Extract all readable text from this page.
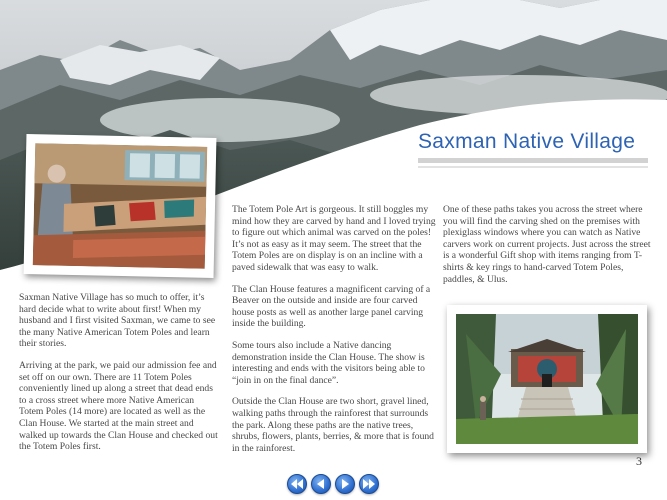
Saxman Native Village

Saxman Native Village has so much to offer, it’s hard decide what to write about first! When my husband and I first visited Saxman, we came to see the many Native American Totem Poles and learn their stories.

Arriving at the park, we paid our admission fee and set off on our own. There are 11 Totem Poles conveniently lined up along a street that dead ends to a cross street where more Native American Totem Poles (14 more) are located as well as the Clan House. We started at the main street and walked up towards the Clan House and checked out the Totem Poles first.

The Totem Pole Art is gorgeous. It still boggles my mind how they are carved by hand and I loved trying to figure out which animal was carved on the poles! It’s not as easy as it may seem. The street that the Totem Poles are on display is on an incline with a paved sidewalk that was easy to walk.

The Clan House features a magnificent carving of a Beaver on the outside and inside are four carved house posts as well as another large panel carving inside the building.

Some tours also include a Native dancing demonstration inside the Clan House. The show is interesting and ends with the visitors being able to “join in on the final dance”.

Outside the Clan House are two short, gravel lined, walking paths through the rainforest that surrounds the park. Along these paths are the native trees, shrubs, flowers, plants, berries, & more that is found in the rainforest.

One of these paths takes you across the street where you will find the carving shed on the premises with plexiglass windows where you can watch as Native carvers work on current projects. Just across the street is a wonderful Gift shop with items ranging from T-shirts & key rings to hand-carved Totem Poles, paddles, & Ulus.

3
